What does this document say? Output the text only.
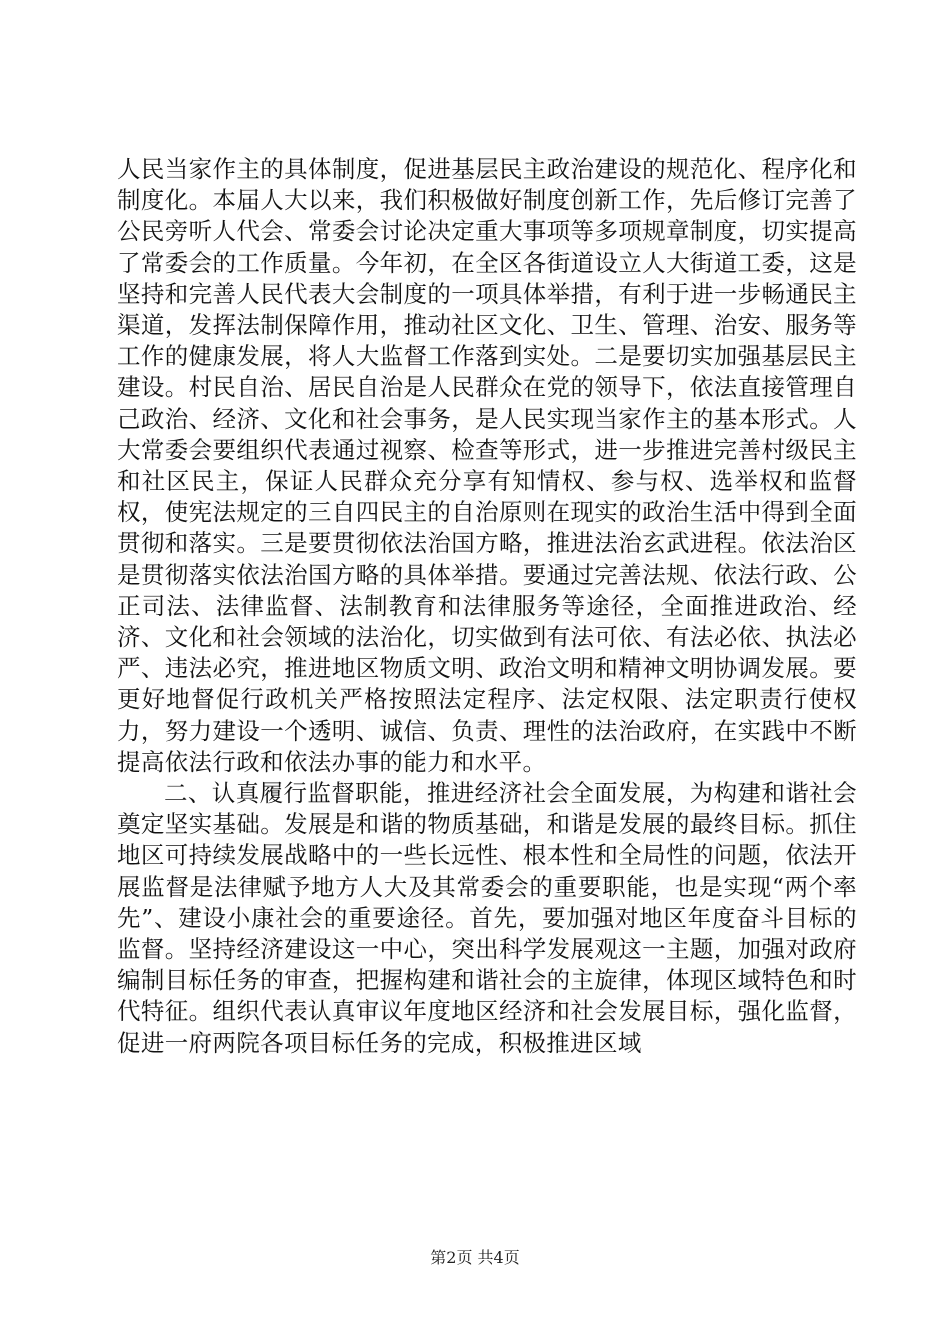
人民当家作主的具体制度，促进基层民主政治建设的规范化、程序化和制度化。本届人大以来，我们积极做好制度创新工作，先后修订完善了公民旁听人代会、常委会讨论决定重大事项等多项规章制度，切实提高了常委会的工作质量。今年初，在全区各街道设立人大街道工委，这是坚持和完善人民代表大会制度的一项具体举措，有利于进一步畅通民主渠道，发挥法制保障作用，推动社区文化、卫生、管理、治安、服务等工作的健康发展，将人大监督工作落到实处。二是要切实加强基层民主建设。村民自治、居民自治是人民群众在党的领导下，依法直接管理自己政治、经济、文化和社会事务，是人民实现当家作主的基本形式。人大常委会要组织代表通过视察、检查等形式，进一步推进完善村级民主和社区民主，保证人民群众充分享有知情权、参与权、选举权和监督权，使宪法规定的三自四民主的自治原则在现实的政治生活中得到全面贯彻和落实。三是要贯彻依法治国方略，推进法治玄武进程。依法治区是贯彻落实依法治国方略的具体举措。要通过完善法规、依法行政、公正司法、法律监督、法制教育和法律服务等途径，全面推进政治、经济、文化和社会领域的法治化，切实做到有法可依、有法必依、执法必严、违法必究，推进地区物质文明、政治文明和精神文明协调发展。要更好地督促行政机关严格按照法定程序、法定权限、法定职责行使权力，努力建设一个透明、诚信、负责、理性的法治政府，在实践中不断提高依法行政和依法办事的能力和水平。

二、认真履行监督职能，推进经济社会全面发展，为构建和谐社会奠定坚实基础。发展是和谐的物质基础，和谐是发展的最终目标。抓住地区可持续发展战略中的一些长远性、根本性和全局性的问题，依法开展监督是法律赋予地方人大及其常委会的重要职能，也是实现“两个率先”、建设小康社会的重要途径。首先，要加强对地区年度奋斗目标的监督。坚持经济建设这一中心，突出科学发展观这一主题，加强对政府编制目标任务的审查，把握构建和谐社会的主旋律，体现区域特色和时代特征。组织代表认真审议年度地区经济和社会发展目标，强化监督，促进一府两院各项目标任务的完成，积极推进区域

第2页 共4页
